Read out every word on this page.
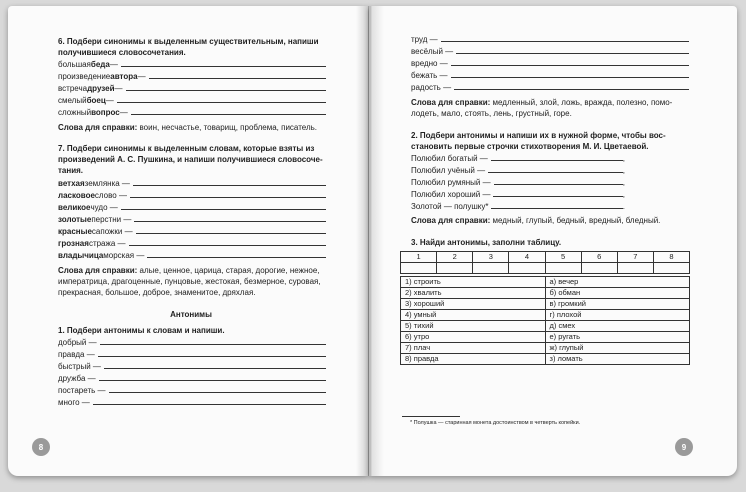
6. Подбери синонимы к выделенным существительным, напиши
получившиеся словосочетания.
большая беда —
произведение автора —
встреча друзей —
смелый боец —
сложный вопрос —
Слова для справки: воин, несчастье, товарищ, проблема, писатель.
7. Подбери синонимы к выделенным словам, которые взяты из
произведений А. С. Пушкина, и напиши получившиеся словосоче-
тания.
ветхая землянка —
ласковое слово —
великое чудо —
золотые перстни —
красные сапожки —
грозная стража —
владычица морская —
Слова для справки: алые, ценное, царица, старая, дорогие, нежное,
императрица, драгоценные, пунцовые, жестокая, безмерное, суровая,
прекрасная, большое, доброе, знаменитое, дряхлая.
Антонимы
1. Подбери антонимы к словам и напиши.
добрый —
правда —
быстрый —
дружба —
постареть —
много —
8
труд —
весёлый —
вредно —
бежать —
радость —
Слова для справки: медленный, злой, ложь, вражда, полезно, помо-
лодеть, мало, стоять, лень, грустный, горе.
2. Подбери антонимы и напиши их в нужной форме, чтобы вос-
становить первые строчки стихотворения М. И. Цветаевой.
Полюбил богатый —	,
Полюбил учёный —	,
Полюбил румяный —	,
Полюбил хороший —	,
Золотой — полушку*	.
Слова для справки: медный, глупый, бедный, вредный, бледный.
3. Найди антонимы, заполни таблицу.
1	2	3	4	5	6	7	8

1) строить	а) вечер
2) хвалить	б) обман
3) хороший	в) громкий
4) умный	г) плохой
5) тихий	д) смех
6) утро	е) ругать
7) плач	ж) глупый
8) правда	з) ломать
* Полушка — старинная монета достоинством в четверть копейки.
9
